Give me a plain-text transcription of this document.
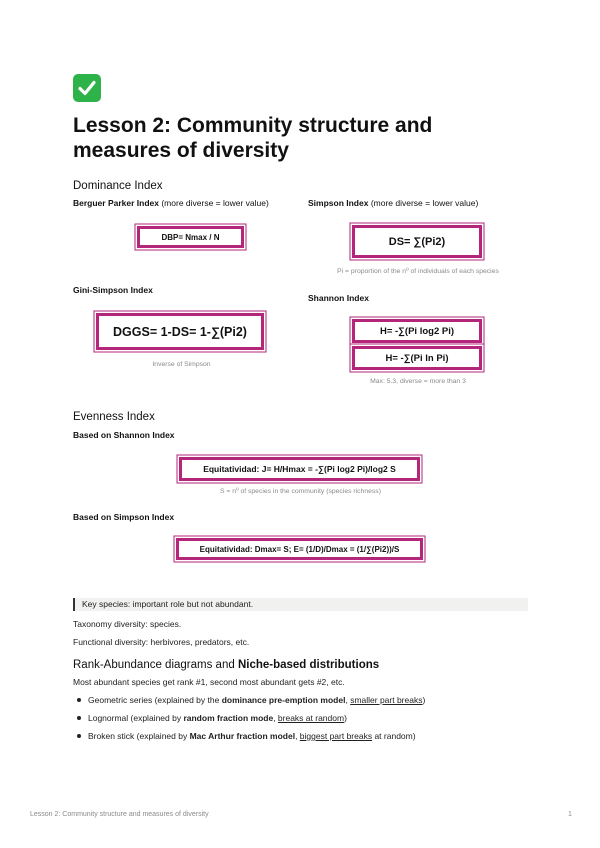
Lesson 2: Community structure and measures of diversity
Dominance Index
Berguer Parker Index (more diverse = lower value)
DBP= Nmax / N
Simpson Index (more diverse = lower value)
DS= ∑(Pi2)
Pi = proportion of the nº of individuals of each species
Gini-Simpson Index
DGGS= 1-DS= 1-∑(Pi2)
Inverse of Simpson
Shannon Index
H= -∑(Pi log2 Pi)
H= -∑(Pi ln Pi)
Max: 5.3, diverse = more than 3
Evenness Index
Based on Shannon Index
Equitatividad: J= H/Hmax = -∑(Pi log2 Pi)/log2 S
S = nº of species in the community (species richness)
Based on Simpson Index
Equitatividad: Dmax= S; E= (1/D)/Dmax = (1/∑(Pi2))/S
Key species: important role but not abundant.
Taxonomy diversity: species.
Functional diversity: herbivores, predators, etc.
Rank-Abundance diagrams and Niche-based distributions
Most abundant species get rank #1, second most abundant gets #2, etc.
Geometric series (explained by the dominance pre-emption model, smaller part breaks)
Lognormal (explained by random fraction mode, breaks at random)
Broken stick (explained by Mac Arthur fraction model, biggest part breaks at random)
Lesson 2: Community structure and measures of diversity	1
